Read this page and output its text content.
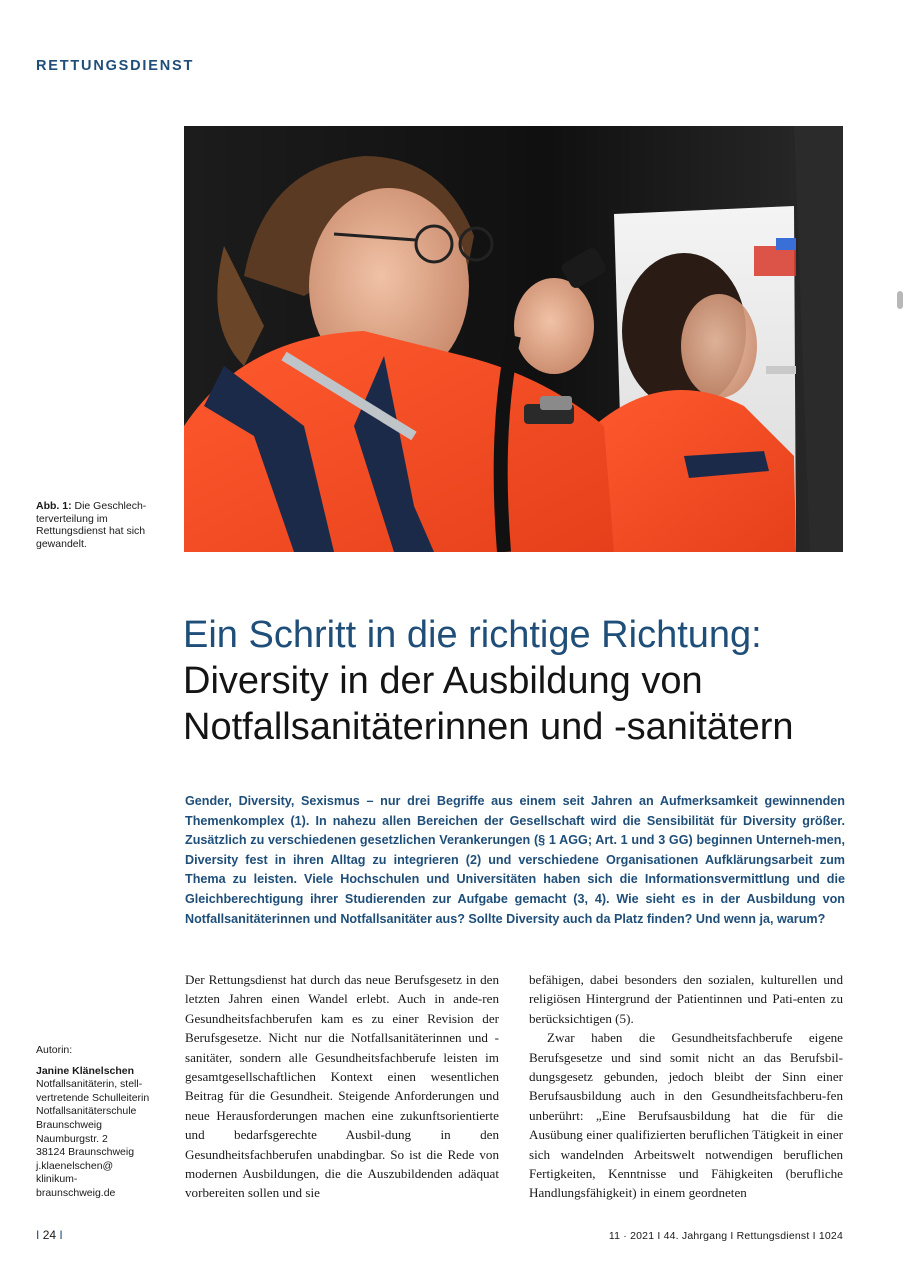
RETTUNGSDIENST
Abb. 1: Die Geschlech-terverteilung im Rettungsdienst hat sich gewandelt.
Ein Schritt in die richtige Richtung:
Diversity in der Ausbildung von
Notfallsanitäterinnen und -sanitätern

Gender, Diversity, Sexismus – nur drei Begriffe aus einem seit Jahren an Aufmerksamkeit gewinnenden Themenkomplex (1). In nahezu allen Bereichen der Gesellschaft wird die Sensibilität für Diversity größer. Zusätzlich zu verschiedenen gesetzlichen Verankerungen (§ 1 AGG; Art. 1 und 3 GG) beginnen Unterneh-men, Diversity fest in ihren Alltag zu integrieren (2) und verschiedene Organisationen Aufklärungsarbeit zum Thema zu leisten. Viele Hochschulen und Universitäten haben sich die Informationsvermittlung und die Gleichberechtigung ihrer Studierenden zur Aufgabe gemacht (3, 4). Wie sieht es in der Ausbildung von Notfallsanitäterinnen und Notfallsanitäter aus? Sollte Diversity auch da Platz finden? Und wenn ja, warum?

Autorin:
Janine Klänelschen
Notfallsanitäterin, stell-
vertretende Schulleiterin
Notfallsanitäterschule
Braunschweig
Naumburgstr. 2
38124 Braunschweig
j.klaenelschen@
klinikum-
braunschweig.de

Der Rettungsdienst hat durch das neue Berufsgesetz in den letzten Jahren einen Wandel erlebt. Auch in ande-ren Gesundheitsfachberufen kam es zu einer Revision der Berufsgesetze. Nicht nur die Notfallsanitäterinnen und -sanitäter, sondern alle Gesundheitsfachberufe leisten im gesamtgesellschaftlichen Kontext einen wesentlichen Beitrag für die Gesundheit. Steigende Anforderungen und neue Herausforderungen machen eine zukunftsorientierte und bedarfsgerechte Ausbil-dung in den Gesundheitsfachberufen unabdingbar. So ist die Rede von modernen Ausbildungen, die die Auszubildenden adäquat vorbereiten sollen und sie

befähigen, dabei besonders den sozialen, kulturellen und religiösen Hintergrund der Patientinnen und Pati-enten zu berücksichtigen (5).

Zwar haben die Gesundheitsfachberufe eigene Berufsgesetze und sind somit nicht an das Berufsbil-dungsgesetz gebunden, jedoch bleibt der Sinn einer Berufsausbildung auch in den Gesundheitsfachberu-fen unberührt: „Eine Berufsausbildung hat die für die Ausübung einer qualifizierten beruflichen Tätigkeit in einer sich wandelnden Arbeitswelt notwendigen beruflichen Fertigkeiten, Kenntnisse und Fähigkeiten (berufliche Handlungsfähigkeit) in einem geordneten

I 24 I	11 · 2021 I 44. Jahrgang I Rettungsdienst I 1024
